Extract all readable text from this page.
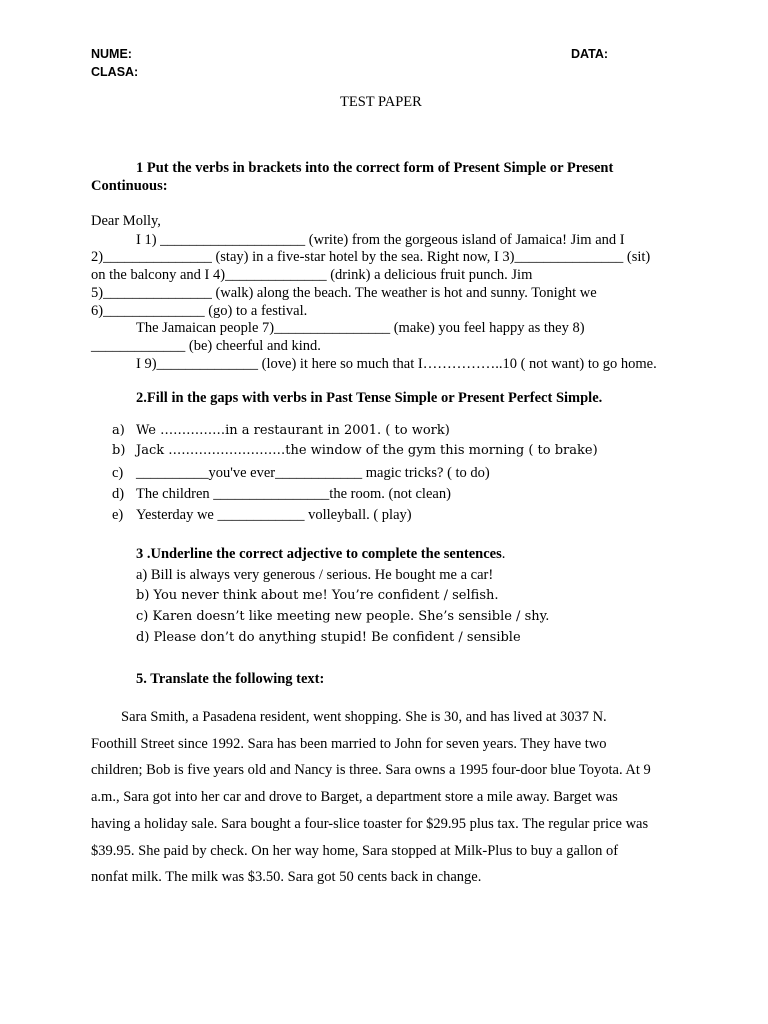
NUME:	DATA:
CLASA:
TEST PAPER
1 Put the verbs in brackets into the correct form of Present Simple or Present
Continuous:
Dear Molly,
I 1) ____________________ (write) from the gorgeous island of Jamaica! Jim and I
2)_______________ (stay) in a five-star hotel by the sea. Right now, I 3)_______________ (sit)
on the balcony and I 4)______________ (drink) a delicious fruit punch. Jim
5)_______________ (walk) along the beach. The weather is hot and sunny. Tonight we
6)______________ (go) to a festival.
The Jamaican people 7)________________ (make) you feel happy as they 8)
_____________ (be) cheerful and kind.
I 9)______________ (love) it here so much that I……………..10 ( not want) to go home.
2.Fill in the gaps with verbs in Past Tense Simple or Present Perfect Simple.
a) We ……………in a restaurant in 2001. ( to work)
b) Jack ………………………the window of the gym this morning ( to brake)
c) __________you've ever____________ magic tricks? ( to do)
d) The children ________________the room. (not clean)
e) Yesterday we ____________ volleyball. ( play)
3 .Underline the correct adjective to complete the sentences.
a) Bill is always very generous / serious. He bought me a car!
b) You never think about me! You’re confident / selfish.
c) Karen doesn’t like meeting new people. She’s sensible / shy.
d) Please don’t do anything stupid! Be confident / sensible
5. Translate the following text:
Sara Smith, a Pasadena resident, went shopping. She is 30, and has lived at 3037 N.
Foothill Street since 1992. Sara has been married to John for seven years. They have two
children; Bob is five years old and Nancy is three. Sara owns a 1995 four-door blue Toyota. At 9
a.m., Sara got into her car and drove to Barget, a department store a mile away. Barget was
having a holiday sale. Sara bought a four-slice toaster for $29.95 plus tax. The regular price was
$39.95. She paid by check. On her way home, Sara stopped at Milk-Plus to buy a gallon of
nonfat milk. The milk was $3.50. Sara got 50 cents back in change.
